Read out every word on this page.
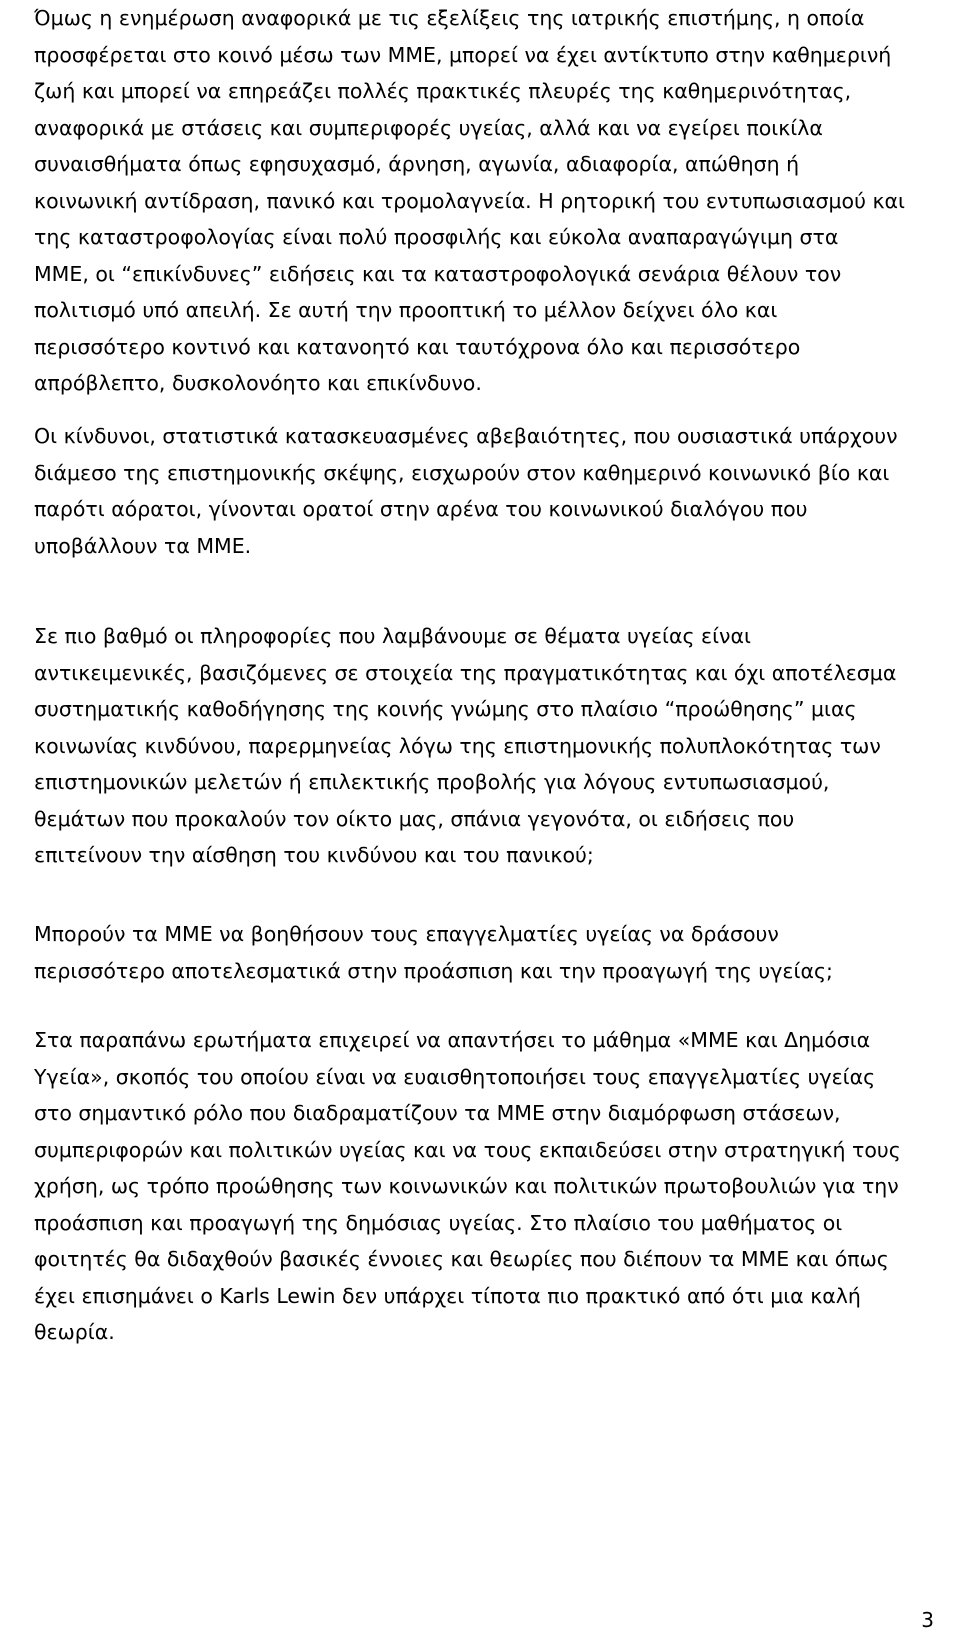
Όμως η ενημέρωση αναφορικά με τις εξελίξεις της ιατρικής επιστήμης, η οποία
προσφέρεται στο κοινό μέσω των ΜΜΕ, μπορεί να έχει αντίκτυπο στην καθημερινή
ζωή και μπορεί να επηρεάζει πολλές πρακτικές πλευρές της καθημερινότητας,
αναφορικά με στάσεις και συμπεριφορές υγείας, αλλά και να εγείρει ποικίλα
συναισθήματα όπως εφησυχασμό, άρνηση, αγωνία, αδιαφορία, απώθηση ή
κοινωνική αντίδραση, πανικό και τρομολαγνεία. Η ρητορική του εντυπωσιασμού και
της καταστροφολογίας είναι πολύ προσφιλής και εύκολα αναπαραγώγιμη στα
ΜΜΕ, οι “επικίνδυνες” ειδήσεις και τα καταστροφολογικά σενάρια θέλουν τον
πολιτισμό υπό απειλή. Σε αυτή την προοπτική το μέλλον δείχνει όλο και
περισσότερο κοντινό και κατανοητό και ταυτόχρονα όλο και περισσότερο
απρόβλεπτο, δυσκολονόητο και επικίνδυνο.

Οι κίνδυνοι, στατιστικά κατασκευασμένες αβεβαιότητες, που ουσιαστικά υπάρχουν
διάμεσο της επιστημονικής σκέψης, εισχωρούν στον καθημερινό κοινωνικό βίο και
παρότι αόρατοι, γίνονται ορατοί στην αρένα του κοινωνικού διαλόγου που
υποβάλλουν τα ΜΜΕ.

Σε πιο βαθμό οι πληροφορίες που λαμβάνουμε σε θέματα υγείας είναι
αντικειμενικές, βασιζόμενες σε στοιχεία της πραγματικότητας και όχι αποτέλεσμα
συστηματικής καθοδήγησης της κοινής γνώμης στο πλαίσιο “προώθησης” μιας
κοινωνίας κινδύνου, παρερμηνείας λόγω της επιστημονικής πολυπλοκότητας των
επιστημονικών μελετών ή επιλεκτικής προβολής για λόγους εντυπωσιασμού,
θεμάτων που προκαλούν τον οίκτο μας, σπάνια γεγονότα, οι ειδήσεις που
επιτείνουν την αίσθηση του κινδύνου και του πανικού;

Μπορούν τα ΜΜΕ να βοηθήσουν τους επαγγελματίες υγείας να δράσουν
περισσότερο αποτελεσματικά στην προάσπιση και την προαγωγή της υγείας;

Στα παραπάνω ερωτήματα επιχειρεί να απαντήσει το μάθημα «ΜΜΕ και Δημόσια
Υγεία», σκοπός του οποίου είναι να ευαισθητοποιήσει τους επαγγελματίες υγείας
στο σημαντικό ρόλο που διαδραματίζουν τα ΜΜΕ στην διαμόρφωση στάσεων,
συμπεριφορών και πολιτικών υγείας και να τους εκπαιδεύσει στην στρατηγική τους
χρήση, ως τρόπο προώθησης των κοινωνικών και πολιτικών πρωτοβουλιών για την
προάσπιση και προαγωγή της δημόσιας υγείας. Στο πλαίσιο του μαθήματος οι
φοιτητές θα διδαχθούν βασικές έννοιες και θεωρίες που διέπουν τα ΜΜΕ και όπως
έχει επισημάνει ο Karls Lewin δεν υπάρχει τίποτα πιο πρακτικό από ότι μια καλή
θεωρία.

3
